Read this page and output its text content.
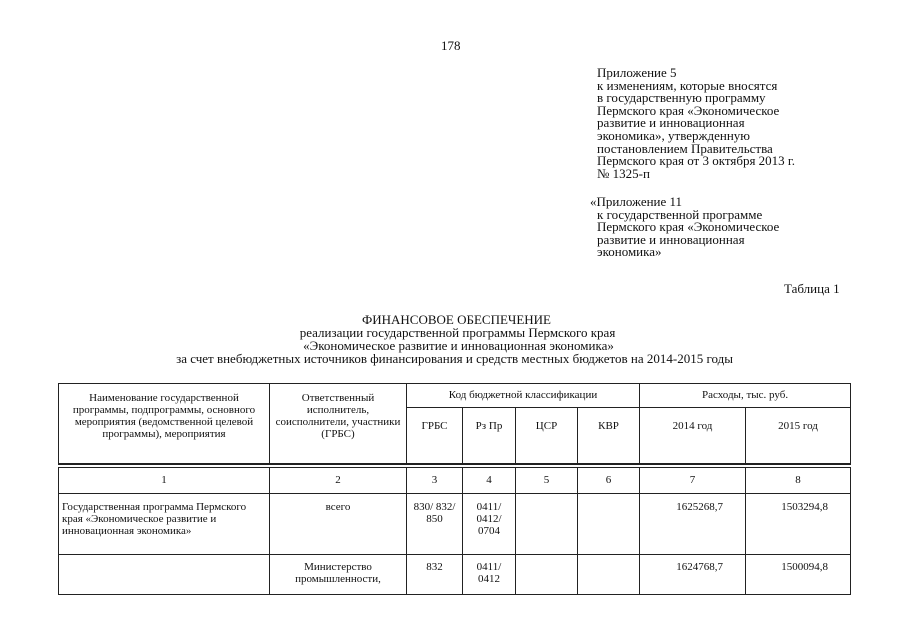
178
Приложение 5
к изменениям, которые вносятся
в государственную программу
Пермского края «Экономическое
развитие и инновационная
экономика», утвержденную
постановлением Правительства
Пермского края от 3 октября 2013 г.
№ 1325-п
«Приложение 11
к государственной программе
Пермского края «Экономическое
развитие и инновационная
экономика»
Таблица 1
ФИНАНСОВОЕ ОБЕСПЕЧЕНИЕ
реализации государственной программы Пермского края
«Экономическое развитие и инновационная экономика»
за счет внебюджетных источников финансирования и средств местных бюджетов на 2014-2015 годы
Наименование государственной программы, подпрограммы, основного мероприятия (ведомственной целевой программы), мероприятия	Ответственный исполнитель, соисполнители, участники (ГРБС)	Код бюджетной классификации				Расходы, тыс. руб.	
		ГРБС	Рз Пр	ЦСР	КВР	2014 год	2015 год

1	2	3	4	5	6	7	8
Государственная программа Пермского края «Экономическое развитие и инновационная экономика»	всего	830/ 832/ 850	0411/ 0412/ 0704			1625268,7	1503294,8
	Министерство промышленности,	832	0411/ 0412			1624768,7	1500094,8
